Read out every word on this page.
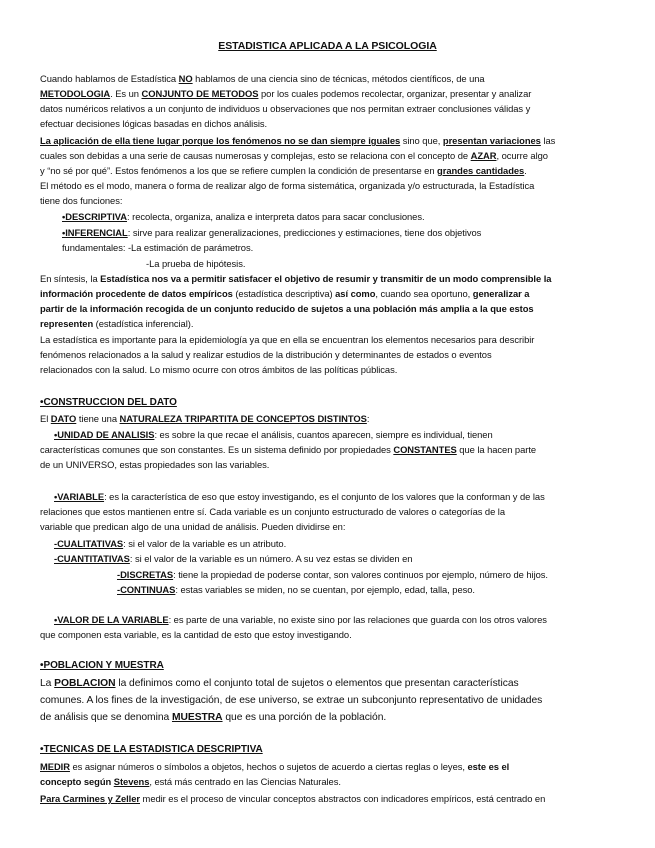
ESTADISTICA APLICADA A LA PSICOLOGIA
Cuando hablamos de Estadística NO hablamos de una ciencia sino de técnicas, métodos científicos, de una
METODOLOGIA. Es un CONJUNTO DE METODOS por los cuales podemos recolectar, organizar, presentar y analizar
datos numéricos relativos a un conjunto de individuos u observaciones que nos permitan extraer conclusiones válidas y
efectuar decisiones lógicas basadas en dichos análisis.
La aplicación de ella tiene lugar porque los fenómenos no se dan siempre iguales sino que, presentan variaciones las
cuales son debidas a una serie de causas numerosas y complejas, esto se relaciona con el concepto de AZAR, ocurre algo
y “no sé por qué”. Estos fenómenos a los que se refiere cumplen la condición de presentarse en grandes cantidades.
El método es el modo, manera o forma de realizar algo de forma sistemática, organizada y/o estructurada, la Estadística
tiene dos funciones:
•DESCRIPTIVA: recolecta, organiza, analiza e interpreta datos para sacar conclusiones.
•INFERENCIAL: sirve para realizar generalizaciones, predicciones y estimaciones, tiene dos objetivos
fundamentales: -La estimación de parámetros.
-La prueba de hipótesis.
En síntesis, la Estadística nos va a permitir satisfacer el objetivo de resumir y transmitir de un modo comprensible la
información procedente de datos empíricos (estadística descriptiva) así como, cuando sea oportuno, generalizar a
partir de la información recogida de un conjunto reducido de sujetos a una población más amplia a la que estos
representen (estadística inferencial).
La estadística es importante para la epidemiología ya que en ella se encuentran los elementos necesarios para describir
fenómenos relacionados a la salud y realizar estudios de la distribución y determinantes de estados o eventos
relacionados con la salud. Lo mismo ocurre con otros ámbitos de las políticas públicas.
•CONSTRUCCION DEL DATO
El DATO tiene una NATURALEZA TRIPARTITA DE CONCEPTOS DISTINTOS:
•UNIDAD DE ANALISIS: es sobre la que recae el análisis, cuantos aparecen, siempre es individual, tienen
características comunes que son constantes. Es un sistema definido por propiedades CONSTANTES que la hacen parte
de un UNIVERSO, estas propiedades son las variables.
•VARIABLE: es la característica de eso que estoy investigando, es el conjunto de los valores que la conforman y de las
relaciones que estos mantienen entre sí. Cada variable es un conjunto estructurado de valores o categorías de la
variable que predican algo de una unidad de análisis. Pueden dividirse en:
-CUALITATIVAS: si el valor de la variable es un atributo.
-CUANTITATIVAS: si el valor de la variable es un número. A su vez estas se dividen en
-DISCRETAS: tiene la propiedad de poderse contar, son valores continuos por ejemplo, número de hijos.
-CONTINUAS: estas variables se miden, no se cuentan, por ejemplo, edad, talla, peso.
•VALOR DE LA VARIABLE: es parte de una variable, no existe sino por las relaciones que guarda con los otros valores
que componen esta variable, es la cantidad de esto que estoy investigando.
•POBLACION Y MUESTRA
La POBLACION la definimos como el conjunto total de sujetos o elementos que presentan características
comunes. A los fines de la investigación, de ese universo, se extrae un subconjunto representativo de unidades
de análisis que se denomina MUESTRA que es una porción de la población.
•TECNICAS DE LA ESTADISTICA DESCRIPTIVA
MEDIR es asignar números o símbolos a objetos, hechos o sujetos de acuerdo a ciertas reglas o leyes, este es el
concepto según Stevens, está más centrado en las Ciencias Naturales.
Para Carmines y Zeller medir es el proceso de vincular conceptos abstractos con indicadores empíricos, está centrado en
